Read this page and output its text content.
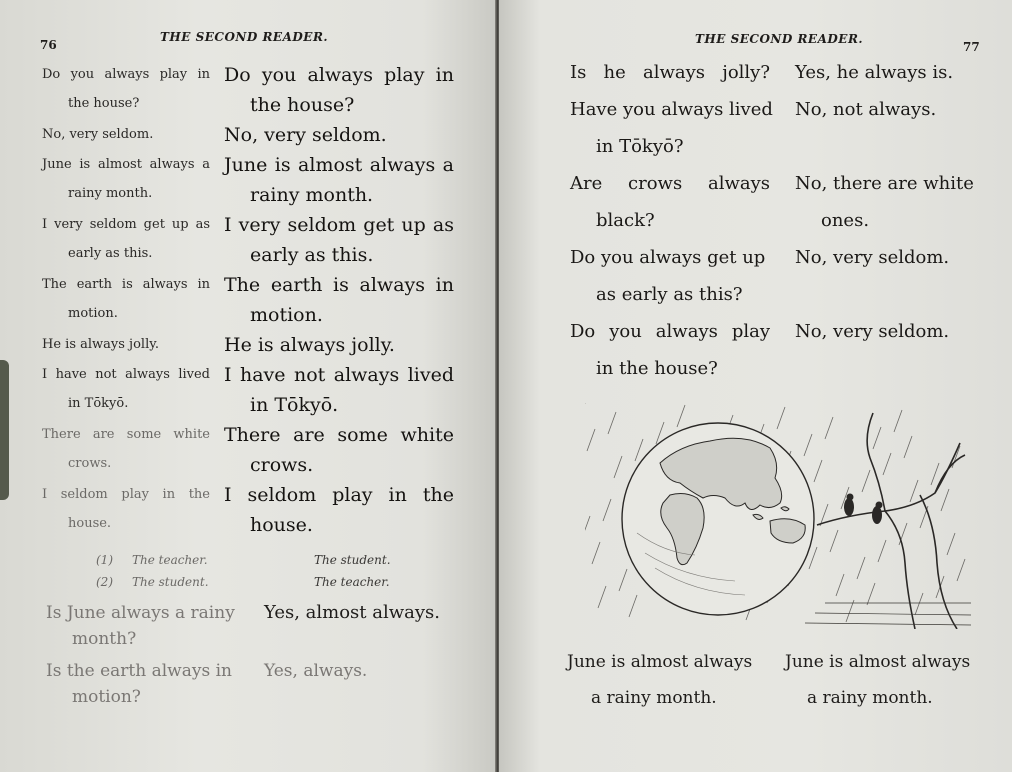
76
THE SECOND READER.
Do you always play in
the house?
Do you always play in
the house?
No, very seldom.	No, very seldom.
June is almost always a
rainy month.
June is almost always a
rainy month.
I very seldom get up as
early as this.
I very seldom get up as
early as this.
The earth is always in
motion.
The earth is always in
motion.
He is always jolly.	He is always jolly.
I have not always lived
in Tōkyō.
I have not always lived
in Tōkyō.
There are some white
crows.
There are some white
crows.
I seldom play in the
house.
I seldom play in the
house.
(1)	The teacher.	The student.
(2)	The student.	The teacher.
Is June always a rainy
month?
Yes, almost always.
Is the earth always in
motion?
Yes, always.
THE SECOND READER.
77
Is he always jolly? Yes, he always is.
Have you always lived
in Tōkyō?
No, not always.
Are crows always
black?
No, there are white
ones.
Do you always get up
as early as this?
No, very seldom.
Do you always play
in the house?
No, very seldom.
June is almost always
a rainy month.
June is almost always
a rainy month.
